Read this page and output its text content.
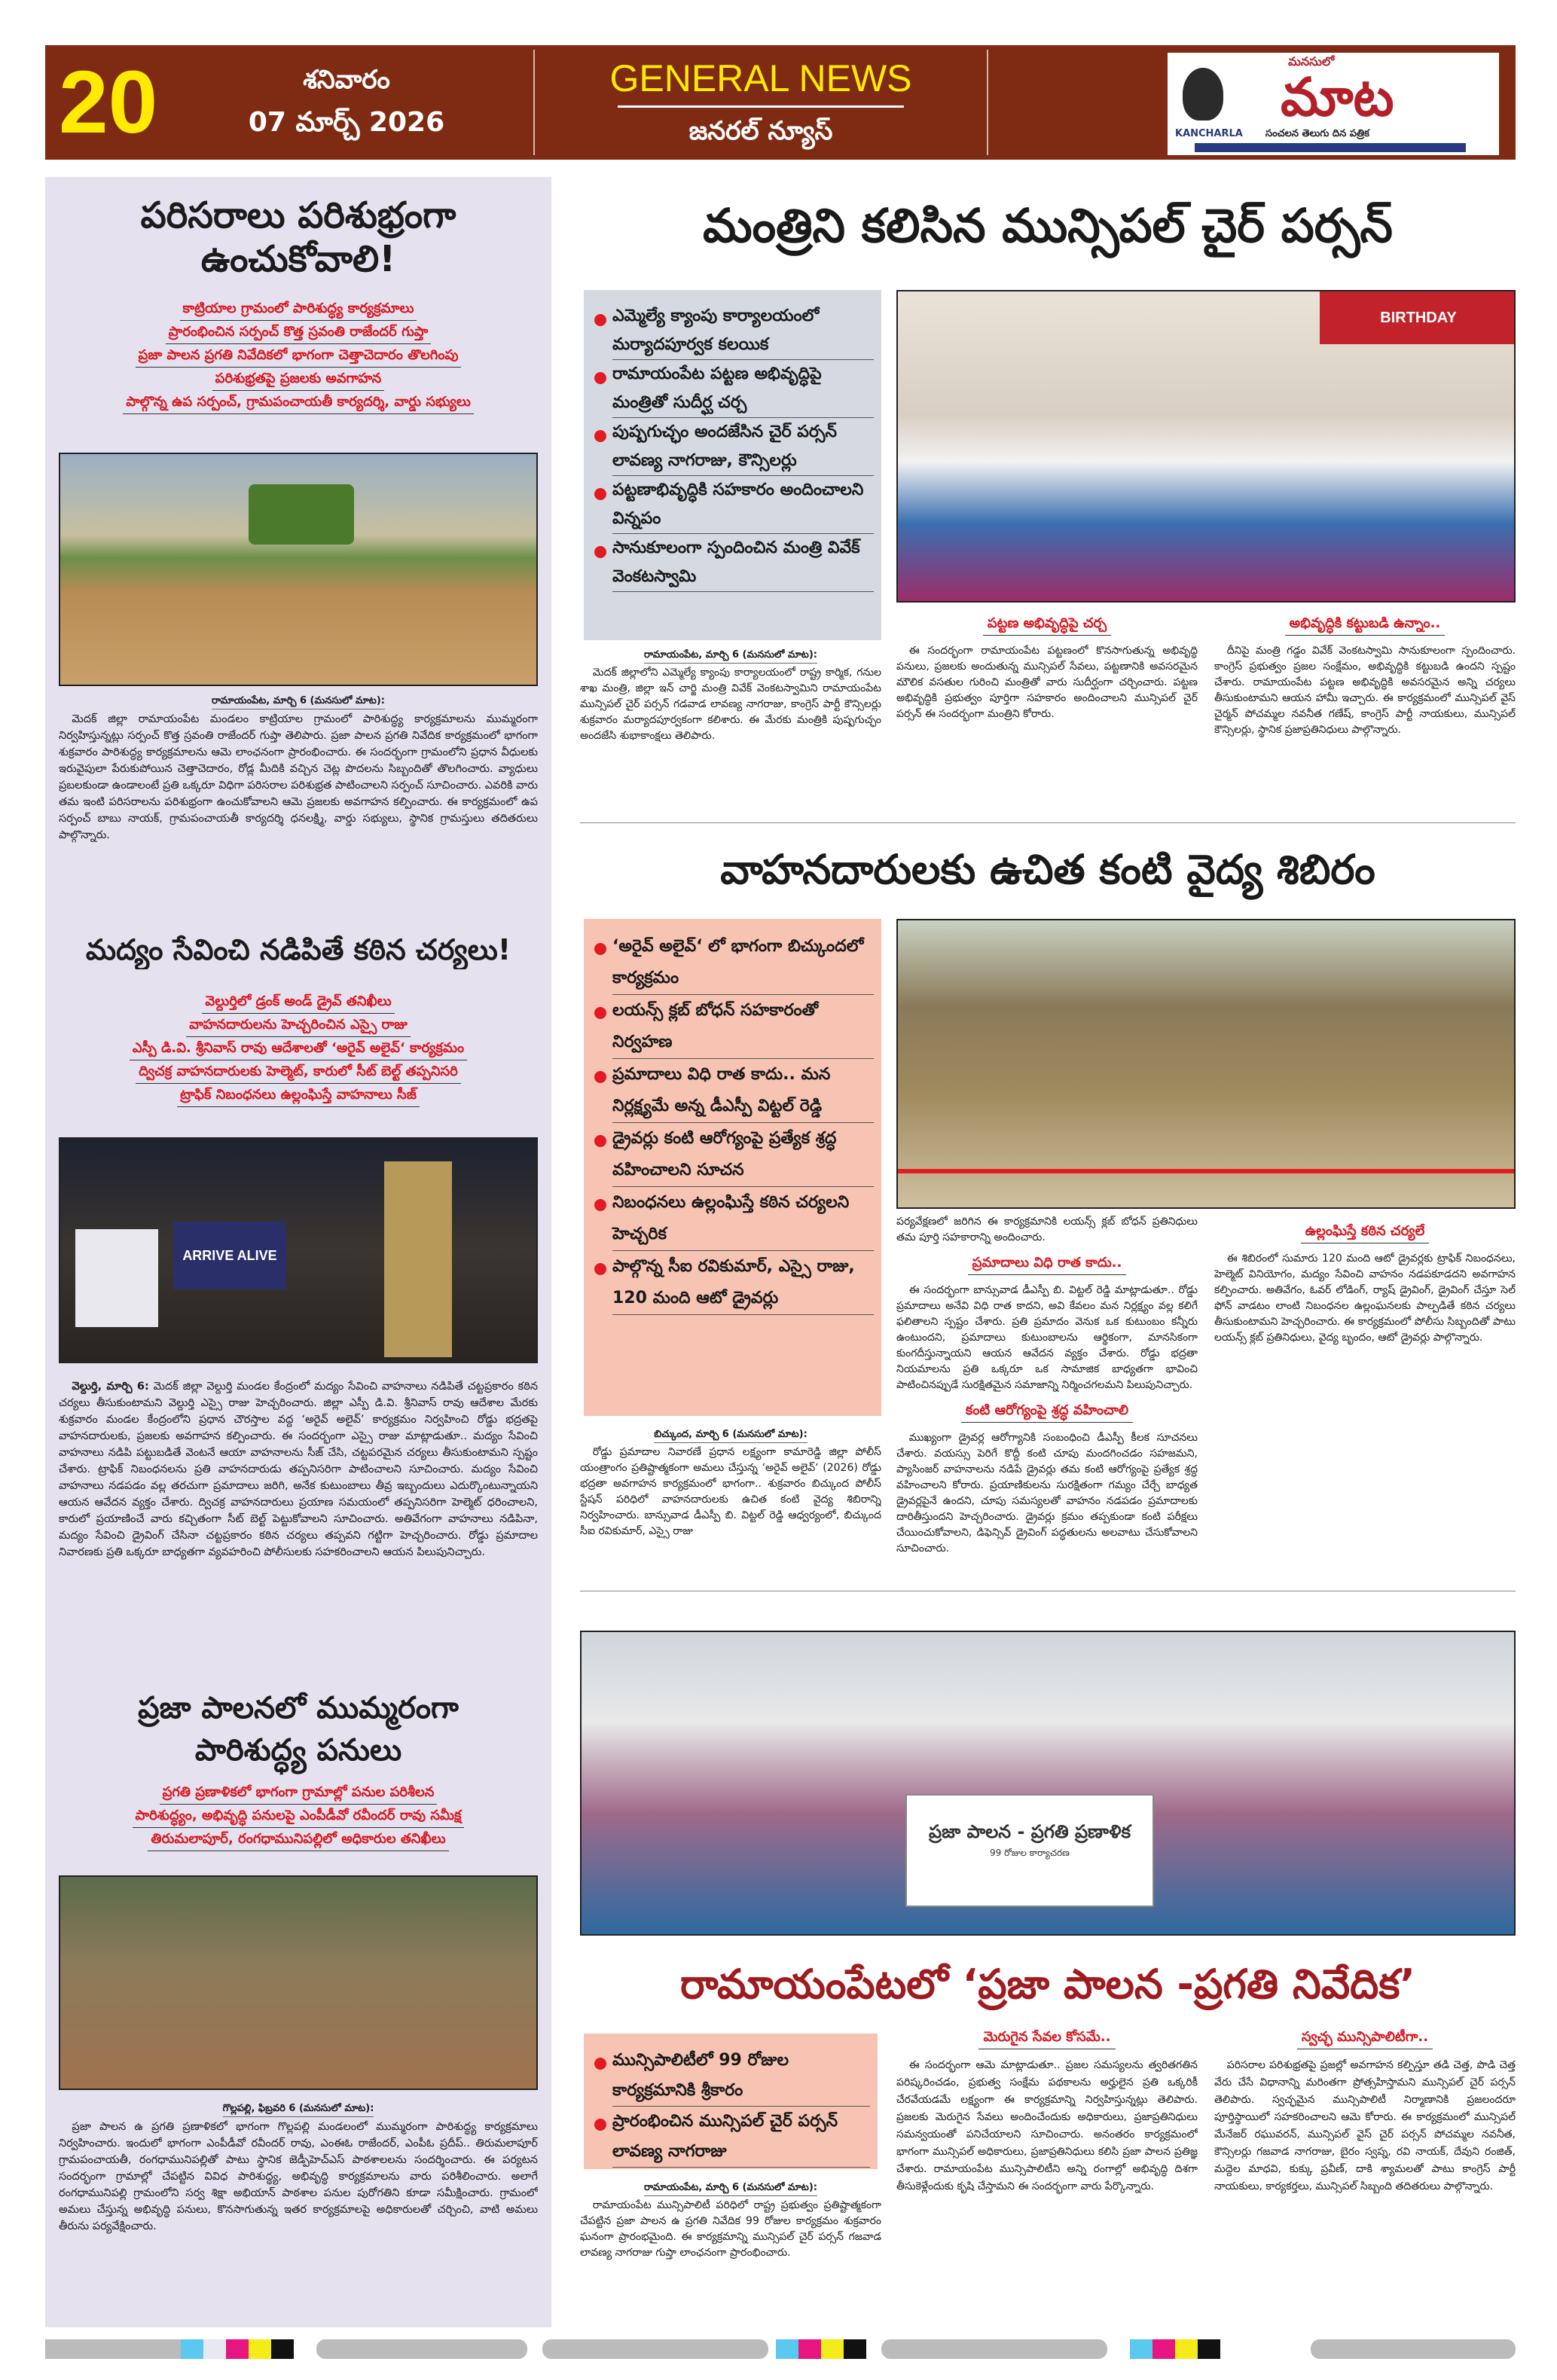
20	శనివారం
07 మార్చ్ 2026
GENERAL NEWS
జనరల్ న్యూస్
మనసులో
మాట
KANCHARLA సంచలన తెలుగు దిన పత్రిక
పరిసరాలు పరిశుభ్రంగా
ఉంచుకోవాలి!
కాట్రియాల గ్రామంలో పారిశుద్ధ్య కార్యక్రమాలు
ప్రారంభించిన సర్పంచ్ కొత్త స్రవంతి రాజేందర్ గుప్తా
ప్రజా పాలన ప్రగతి నివేదికలో భాగంగా చెత్తాచెదారం తొలగింపు
పరిశుభ్రతపై ప్రజలకు అవగాహన
పాల్గొన్న ఉప సర్పంచ్, గ్రామపంచాయతీ కార్యదర్శి, వార్డు సభ్యులు
రామాయంపేట, మార్చి 6 (మనసులో మాట):
మెదక్ జిల్లా రామాయంపేట మండలం కాట్రియాల గ్రామంలో పారిశుద్ధ్య కార్యక్రమాలను ముమ్మరంగా నిర్వహిస్తున్నట్లు సర్పంచ్ కొత్త స్రవంతి రాజేందర్ గుప్తా తెలిపారు. ప్రజా పాలన ప్రగతి నివేదిక కార్యక్రమంలో భాగంగా శుక్రవారం పారిశుద్ధ్య కార్యక్రమాలను ఆమె లాంఛనంగా ప్రారంభించారు. ఈ సందర్భంగా గ్రామంలోని ప్రధాన వీధులకు ఇరువైపులా పేరుకుపోయిన చెత్తాచెదారం, రోడ్ల మీదికి వచ్చిన చెట్ల పొదలను సిబ్బందితో తొలగించారు. వ్యాధులు ప్రబలకుండా ఉండాలంటే ప్రతి ఒక్కరూ విధిగా పరిసరాల పరిశుభ్రత పాటించాలని సర్పంచ్ సూచించారు. ఎవరికి వారు తమ ఇంటి పరిసరాలను పరిశుభ్రంగా ఉంచుకోవాలని ఆమె ప్రజలకు అవగాహన కల్పించారు. ఈ కార్యక్రమంలో ఉప సర్పంచ్ బాబు నాయక్, గ్రామపంచాయతీ కార్యదర్శి ధనలక్ష్మి, వార్డు సభ్యులు, స్థానిక గ్రామస్తులు తదితరులు పాల్గొన్నారు.
మద్యం సేవించి నడిపితే కఠిన చర్యలు!
వెల్దుర్తిలో డ్రంక్ అండ్ డ్రైవ్ తనిఖీలు
వాహనదారులను హెచ్చరించిన ఎస్సై రాజు
ఎస్పీ డి.వి. శ్రీనివాస్ రావు ఆదేశాలతో ‘అరైవ్ అలైవ్‘ కార్యక్రమం
ద్విచక్ర వాహనదారులకు హెల్మెట్, కారులో సీట్ బెల్ట్ తప్పనిసరి
ట్రాఫిక్ నిబంధనలు ఉల్లంఘిస్తే వాహనాలు సీజ్
ARRIVE ALIVE
వెల్దుర్తి, మార్చి 6: మెదక్ జిల్లా వెల్దుర్తి మండల కేంద్రంలో మద్యం సేవించి వాహనాలు నడిపితే చట్టప్రకారం కఠిన చర్యలు తీసుకుంటామని వెల్దుర్తి ఎస్సై రాజు హెచ్చరించారు. జిల్లా ఎస్పీ డి.వి. శ్రీనివాస్ రావు ఆదేశాల మేరకు శుక్రవారం మండల కేంద్రంలోని ప్రధాన చౌరస్తాల వద్ద ‘అరైవ్ అలైవ్’ కార్యక్రమం నిర్వహించి రోడ్డు భద్రతపై వాహనదారులకు, ప్రజలకు అవగాహన కల్పించారు. ఈ సందర్భంగా ఎస్సై రాజు మాట్లాడుతూ.. మద్యం సేవించి వాహనాలు నడిపి పట్టుబడితే వెంటనే ఆయా వాహనాలను సీజ్ చేసి, చట్టపరమైన చర్యలు తీసుకుంటామని స్పష్టం చేశారు. ట్రాఫిక్ నిబంధనలను ప్రతి వాహనదారుడు తప్పనిసరిగా పాటించాలని సూచించారు. మద్యం సేవించి వాహనాలు నడపడం వల్ల తరచుగా ప్రమాదాలు జరిగి, అనేక కుటుంబాలు తీవ్ర ఇబ్బందులు ఎదుర్కొంటున్నాయని ఆయన ఆవేదన వ్యక్తం చేశారు. ద్విచక్ర వాహనదారులు ప్రయాణ సమయంలో తప్పనిసరిగా హెల్మెట్ ధరించాలని, కారులో ప్రయాణించే వారు కచ్చితంగా సీట్ బెల్ట్ పెట్టుకోవాలని సూచించారు. అతివేగంగా వాహనాలు నడిపినా, మద్యం సేవించి డ్రైవింగ్ చేసినా చట్టప్రకారం కఠిన చర్యలు తప్పవని గట్టిగా హెచ్చరించారు. రోడ్డు ప్రమాదాల నివారణకు ప్రతి ఒక్కరూ బాధ్యతగా వ్యవహరించి పోలీసులకు సహకరించాలని ఆయన పిలుపునిచ్చారు.
ప్రజా పాలనలో ముమ్మరంగా
పారిశుద్ధ్య పనులు
ప్రగతి ప్రణాళికలో భాగంగా గ్రామాల్లో పనుల పరిశీలన
పారిశుద్ధ్యం, అభివృద్ధి పనులపై ఎంపీడీవో రవీందర్ రావు సమీక్ష
తిరుమలాపూర్, రంగధామునిపల్లిలో అధికారుల తనిఖీలు
గొల్లపల్లి, ఫిబ్రవరి 6 (మనసులో మాట):
ప్రజా పాలన ఉ ప్రగతి ప్రణాళికలో భాగంగా గొల్లపల్లి మండలంలో ముమ్మరంగా పారిశుద్ధ్య కార్యక్రమాలు నిర్వహించారు. ఇందులో భాగంగా ఎంపీడీవో రవీందర్ రావు, ఎంఈఓ రాజేందర్, ఎంపీఓ ప్రదీప్.. తిరుమలాపూర్ గ్రామపంచాయతీ, రంగధామునిపల్లితో పాటు స్థానిక జెడ్పీహెచ్ఎస్ పాఠశాలలను సందర్శించారు. ఈ పర్యటన సందర్భంగా గ్రామాల్లో చేపట్టిన వివిధ పారిశుద్ధ్య, అభివృద్ధి కార్యక్రమాలను వారు పరిశీలించారు. అలాగే రంగధామునిపల్లి గ్రామంలోని సర్వ శిక్షా అభియాన్ పాఠశాల పనుల పురోగతిని కూడా సమీక్షించారు. గ్రామంలో అమలు చేస్తున్న అభివృద్ధి పనులు, కొనసాగుతున్న ఇతర కార్యక్రమాలపై అధికారులతో చర్చించి, వాటి అమలు తీరును పర్యవేక్షించారు.
మంత్రిని కలిసిన మున్సిపల్ చైర్ పర్సన్
ఎమ్మెల్యే క్యాంపు కార్యాలయంలో మర్యాదపూర్వక కలయిక
రామాయంపేట పట్టణ అభివృద్ధిపై మంత్రితో సుదీర్ఘ చర్చ
పుష్పగుచ్ఛం అందజేసిన చైర్ పర్సన్ లావణ్య నాగరాజు, కౌన్సిలర్లు
పట్టణాభివృద్ధికి సహకారం అందించాలని విన్నపం
సానుకూలంగా స్పందించిన మంత్రి వివేక్ వెంకటస్వామి
BIRTHDAY
రామాయంపేట, మార్చి 6 (మనసులో మాట):
మెదక్ జిల్లాలోని ఎమ్మెల్యే క్యాంపు కార్యాలయంలో రాష్ట్ర కార్మిక, గనుల శాఖ మంత్రి, జిల్లా ఇన్ చార్జి మంత్రి వివేక్ వెంకటస్వామిని రామాయంపేట మున్సిపల్ చైర్ పర్సన్ గడవాడ లావణ్య నాగరాజు, కాంగ్రెస్ పార్టీ కౌన్సిలర్లు శుక్రవారం మర్యాదపూర్వకంగా కలిశారు. ఈ మేరకు మంత్రికి పుష్పగుచ్ఛం అందజేసి శుభాకాంక్షలు తెలిపారు.
పట్టణ అభివృద్ధిపై చర్చ
ఈ సందర్భంగా రామాయంపేట పట్టణంలో కొనసాగుతున్న అభివృద్ధి పనులు, ప్రజలకు అందుతున్న మున్సిపల్ సేవలు, పట్టణానికి అవసరమైన మౌలిక వసతుల గురించి మంత్రితో వారు సుదీర్ఘంగా చర్చించారు. పట్టణ అభివృద్ధికి ప్రభుత్వం పూర్తిగా సహకారం అందించాలని మున్సిపల్ చైర్ పర్సన్ ఈ సందర్భంగా మంత్రిని కోరారు.
అభివృద్ధికి కట్టుబడి ఉన్నాం..
దీనిపై మంత్రి గడ్డం వివేక్ వెంకటస్వామి సానుకూలంగా స్పందించారు. కాంగ్రెస్ ప్రభుత్వం ప్రజల సంక్షేమం, అభివృద్ధికి కట్టుబడి ఉందని స్పష్టం చేశారు. రామాయంపేట పట్టణ అభివృద్ధికి అవసరమైన అన్ని చర్యలు తీసుకుంటామని ఆయన హామీ ఇచ్చారు. ఈ కార్యక్రమంలో మున్సిపల్ వైస్ చైర్మన్ పోచమ్మల నవనీత గణేష్, కాంగ్రెస్ పార్టీ నాయకులు, మున్సిపల్ కౌన్సిలర్లు, స్థానిక ప్రజాప్రతినిధులు పాల్గొన్నారు.
వాహనదారులకు ఉచిత కంటి వైద్య శిబిరం
‘అరైవ్ అలైవ్‘ లో భాగంగా బిచ్కుందలో కార్యక్రమం
లయన్స్ క్లబ్ బోధన్ సహకారంతో నిర్వహణ
ప్రమాదాలు విధి రాత కాదు.. మన నిర్లక్ష్యమే అన్న డీఎస్పీ విట్టల్ రెడ్డి
డ్రైవర్లు కంటి ఆరోగ్యంపై ప్రత్యేక శ్రద్ధ వహించాలని సూచన
నిబంధనలు ఉల్లంఘిస్తే కఠిన చర్యలని హెచ్చరిక
పాల్గొన్న సీఐ రవికుమార్, ఎస్సై రాజు, 120 మంది ఆటో డ్రైవర్లు
బిచ్కుంద, మార్చి 6 (మనసులో మాట):
రోడ్డు ప్రమాదాల నివారణే ప్రధాన లక్ష్యంగా కామారెడ్డి జిల్లా పోలీస్ యంత్రాంగం ప్రతిష్టాత్మకంగా అమలు చేస్తున్న ‘అరైవ్ అలైవ్‘ (2026) రోడ్డు భద్రతా అవగాహన కార్యక్రమంలో భాగంగా.. శుక్రవారం బిచ్కుంద పోలీస్ స్టేషన్ పరిధిలో వాహనదారులకు ఉచిత కంటి వైద్య శిబిరాన్ని నిర్వహించారు. బాన్సువాడ డీఎస్పీ బి. విట్టల్ రెడ్డి ఆధ్వర్యంలో, బిచ్కుంద సీఐ రవికుమార్, ఎస్సై రాజు
పర్యవేక్షణలో జరిగిన ఈ కార్యక్రమానికి లయన్స్ క్లబ్ బోధన్ ప్రతినిధులు తమ పూర్తి సహకారాన్ని అందించారు.
ప్రమాదాలు విధి రాత కాదు..
ఈ సందర్భంగా బాన్సువాడ డీఎస్పీ బి. విట్టల్ రెడ్డి మాట్లాడుతూ.. రోడ్డు ప్రమాదాలు అనేవి విధి రాత కాదని, అవి కేవలం మన నిర్లక్ష్యం వల్ల కలిగే ఫలితాలని స్పష్టం చేశారు. ప్రతి ప్రమాదం వెనుక ఒక కుటుంబం కన్నీరు ఉంటుందని, ప్రమాదాలు కుటుంబాలను ఆర్థికంగా, మానసికంగా కుంగదీస్తున్నాయని ఆయన ఆవేదన వ్యక్తం చేశారు. రోడ్డు భద్రతా నియమాలను ప్రతి ఒక్కరూ ఒక సామాజిక బాధ్యతగా భావించి పాటించినప్పుడే సురక్షితమైన సమాజాన్ని నిర్మించగలమని పిలుపునిచ్చారు.
కంటి ఆరోగ్యంపై శ్రద్ధ వహించాలి
ముఖ్యంగా డ్రైవర్ల ఆరోగ్యానికి సంబంధించి డీఎస్పీ కీలక సూచనలు చేశారు. వయస్సు పెరిగే కొద్దీ కంటి చూపు మందగించడం సహజమని, ప్యాసింజర్ వాహనాలను నడిపే డ్రైవర్లు తమ కంటి ఆరోగ్యంపై ప్రత్యేక శ్రద్ధ వహించాలని కోరారు. ప్రయాణికులను సురక్షితంగా గమ్యం చేర్చే బాధ్యత డ్రైవర్లపైనే ఉందని, చూపు సమస్యలతో వాహనం నడపడం ప్రమాదాలకు దారితీస్తుందని హెచ్చరించారు. డ్రైవర్లు క్రమం తప్పకుండా కంటి పరీక్షలు చేయించుకోవాలని, డిఫెన్సివ్ డ్రైవింగ్ పద్ధతులను అలవాటు చేసుకోవాలని సూచించారు.
ఉల్లంఘిస్తే కఠిన చర్యలే
ఈ శిబిరంలో సుమారు 120 మంది ఆటో డ్రైవర్లకు ట్రాఫిక్ నిబంధనలు, హెల్మెట్ వినియోగం, మద్యం సేవించి వాహనం నడపకూడదని అవగాహన కల్పించారు. అతివేగం, ఓవర్ లోడింగ్, ర్యాష్ డ్రైవింగ్, డ్రైవింగ్ చేస్తూ సెల్ ఫోన్ వాడటం లాంటి నిబంధనల ఉల్లంఘనలకు పాల్పడితే కఠిన చర్యలు తీసుకుంటామని హెచ్చరించారు. ఈ కార్యక్రమంలో పోలీసు సిబ్బందితో పాటు లయన్స్ క్లబ్ ప్రతినిధులు, వైద్య బృందం, ఆటో డ్రైవర్లు పాల్గొన్నారు.
ప్రజా పాలన - ప్రగతి ప్రణాళిక
99 రోజుల కార్యాచరణ
రామాయంపేటలో ‘ప్రజా పాలన -ప్రగతి నివేదిక’
మున్సిపాలిటీలో 99 రోజుల కార్యక్రమానికి శ్రీకారం
ప్రారంభించిన మున్సిపల్ చైర్ పర్సన్ లావణ్య నాగరాజు
రామాయంపేట, మార్చి 6 (మనసులో మాట):
రామాయంపేట మున్సిపాలిటీ పరిధిలో రాష్ట్ర ప్రభుత్వం ప్రతిష్టాత్మకంగా చేపట్టిన ప్రజా పాలన ఉ ప్రగతి నివేదిక 99 రోజుల కార్యక్రమం శుక్రవారం ఘనంగా ప్రారంభమైంది. ఈ కార్యక్రమాన్ని మున్సిపల్ చైర్ పర్సన్ గజవాడ లావణ్య నాగరాజు గుప్తా లాంఛనంగా ప్రారంభించారు.
మెరుగైన సేవల కోసమే..
ఈ సందర్భంగా ఆమె మాట్లాడుతూ.. ప్రజల సమస్యలను త్వరితగతిన పరిష్కరించడం, ప్రభుత్వ సంక్షేమ పథకాలను అర్హులైన ప్రతి ఒక్కరికీ చేరవేయడమే లక్ష్యంగా ఈ కార్యక్రమాన్ని నిర్వహిస్తున్నట్లు తెలిపారు. ప్రజలకు మెరుగైన సేవలు అందించేందుకు అధికారులు, ప్రజాప్రతినిధులు సమన్వయంతో పనిచేయాలని సూచించారు. అనంతరం కార్యక్రమంలో భాగంగా మున్సిపల్ అధికారులు, ప్రజాప్రతినిధులు కలిసి ప్రజా పాలన ప్రతిజ్ఞ చేశారు. రామాయంపేట మున్సిపాలిటీని అన్ని రంగాల్లో అభివృద్ధి దిశగా తీసుకెళ్లేందుకు కృషి చేస్తామని ఈ సందర్భంగా వారు పేర్కొన్నారు.
స్వచ్ఛ మున్సిపాలిటీగా..
పరిసరాల పరిశుభ్రతపై ప్రజల్లో అవగాహన కల్పిస్తూ తడి చెత్త, పొడి చెత్త వేరు చేసే విధానాన్ని మరింతగా ప్రోత్సహిస్తామని మున్సిపల్ చైర్ పర్సన్ తెలిపారు. స్వచ్ఛమైన మున్సిపాలిటీ నిర్మాణానికి ప్రజలందరూ పూర్తిస్థాయిలో సహకరించాలని ఆమె కోరారు. ఈ కార్యక్రమంలో మున్సిపల్ మేనేజర్ రఘువరన్, మున్సిపల్ వైస్ చైర్ పర్సన్ పోచమ్మల నవనీత, కౌన్సిలర్లు గజవాడ నాగరాజు, బైరం స్వప్న, రవి నాయక్, దేవుని రంజిత్, మద్దెల మాధవి, కుక్కు ప్రవీణ్, దాకి శ్యామలతో పాటు కాంగ్రెస్ పార్టీ నాయకులు, కార్యకర్తలు, మున్సిపల్ సిబ్బంది తదితరులు పాల్గొన్నారు.
